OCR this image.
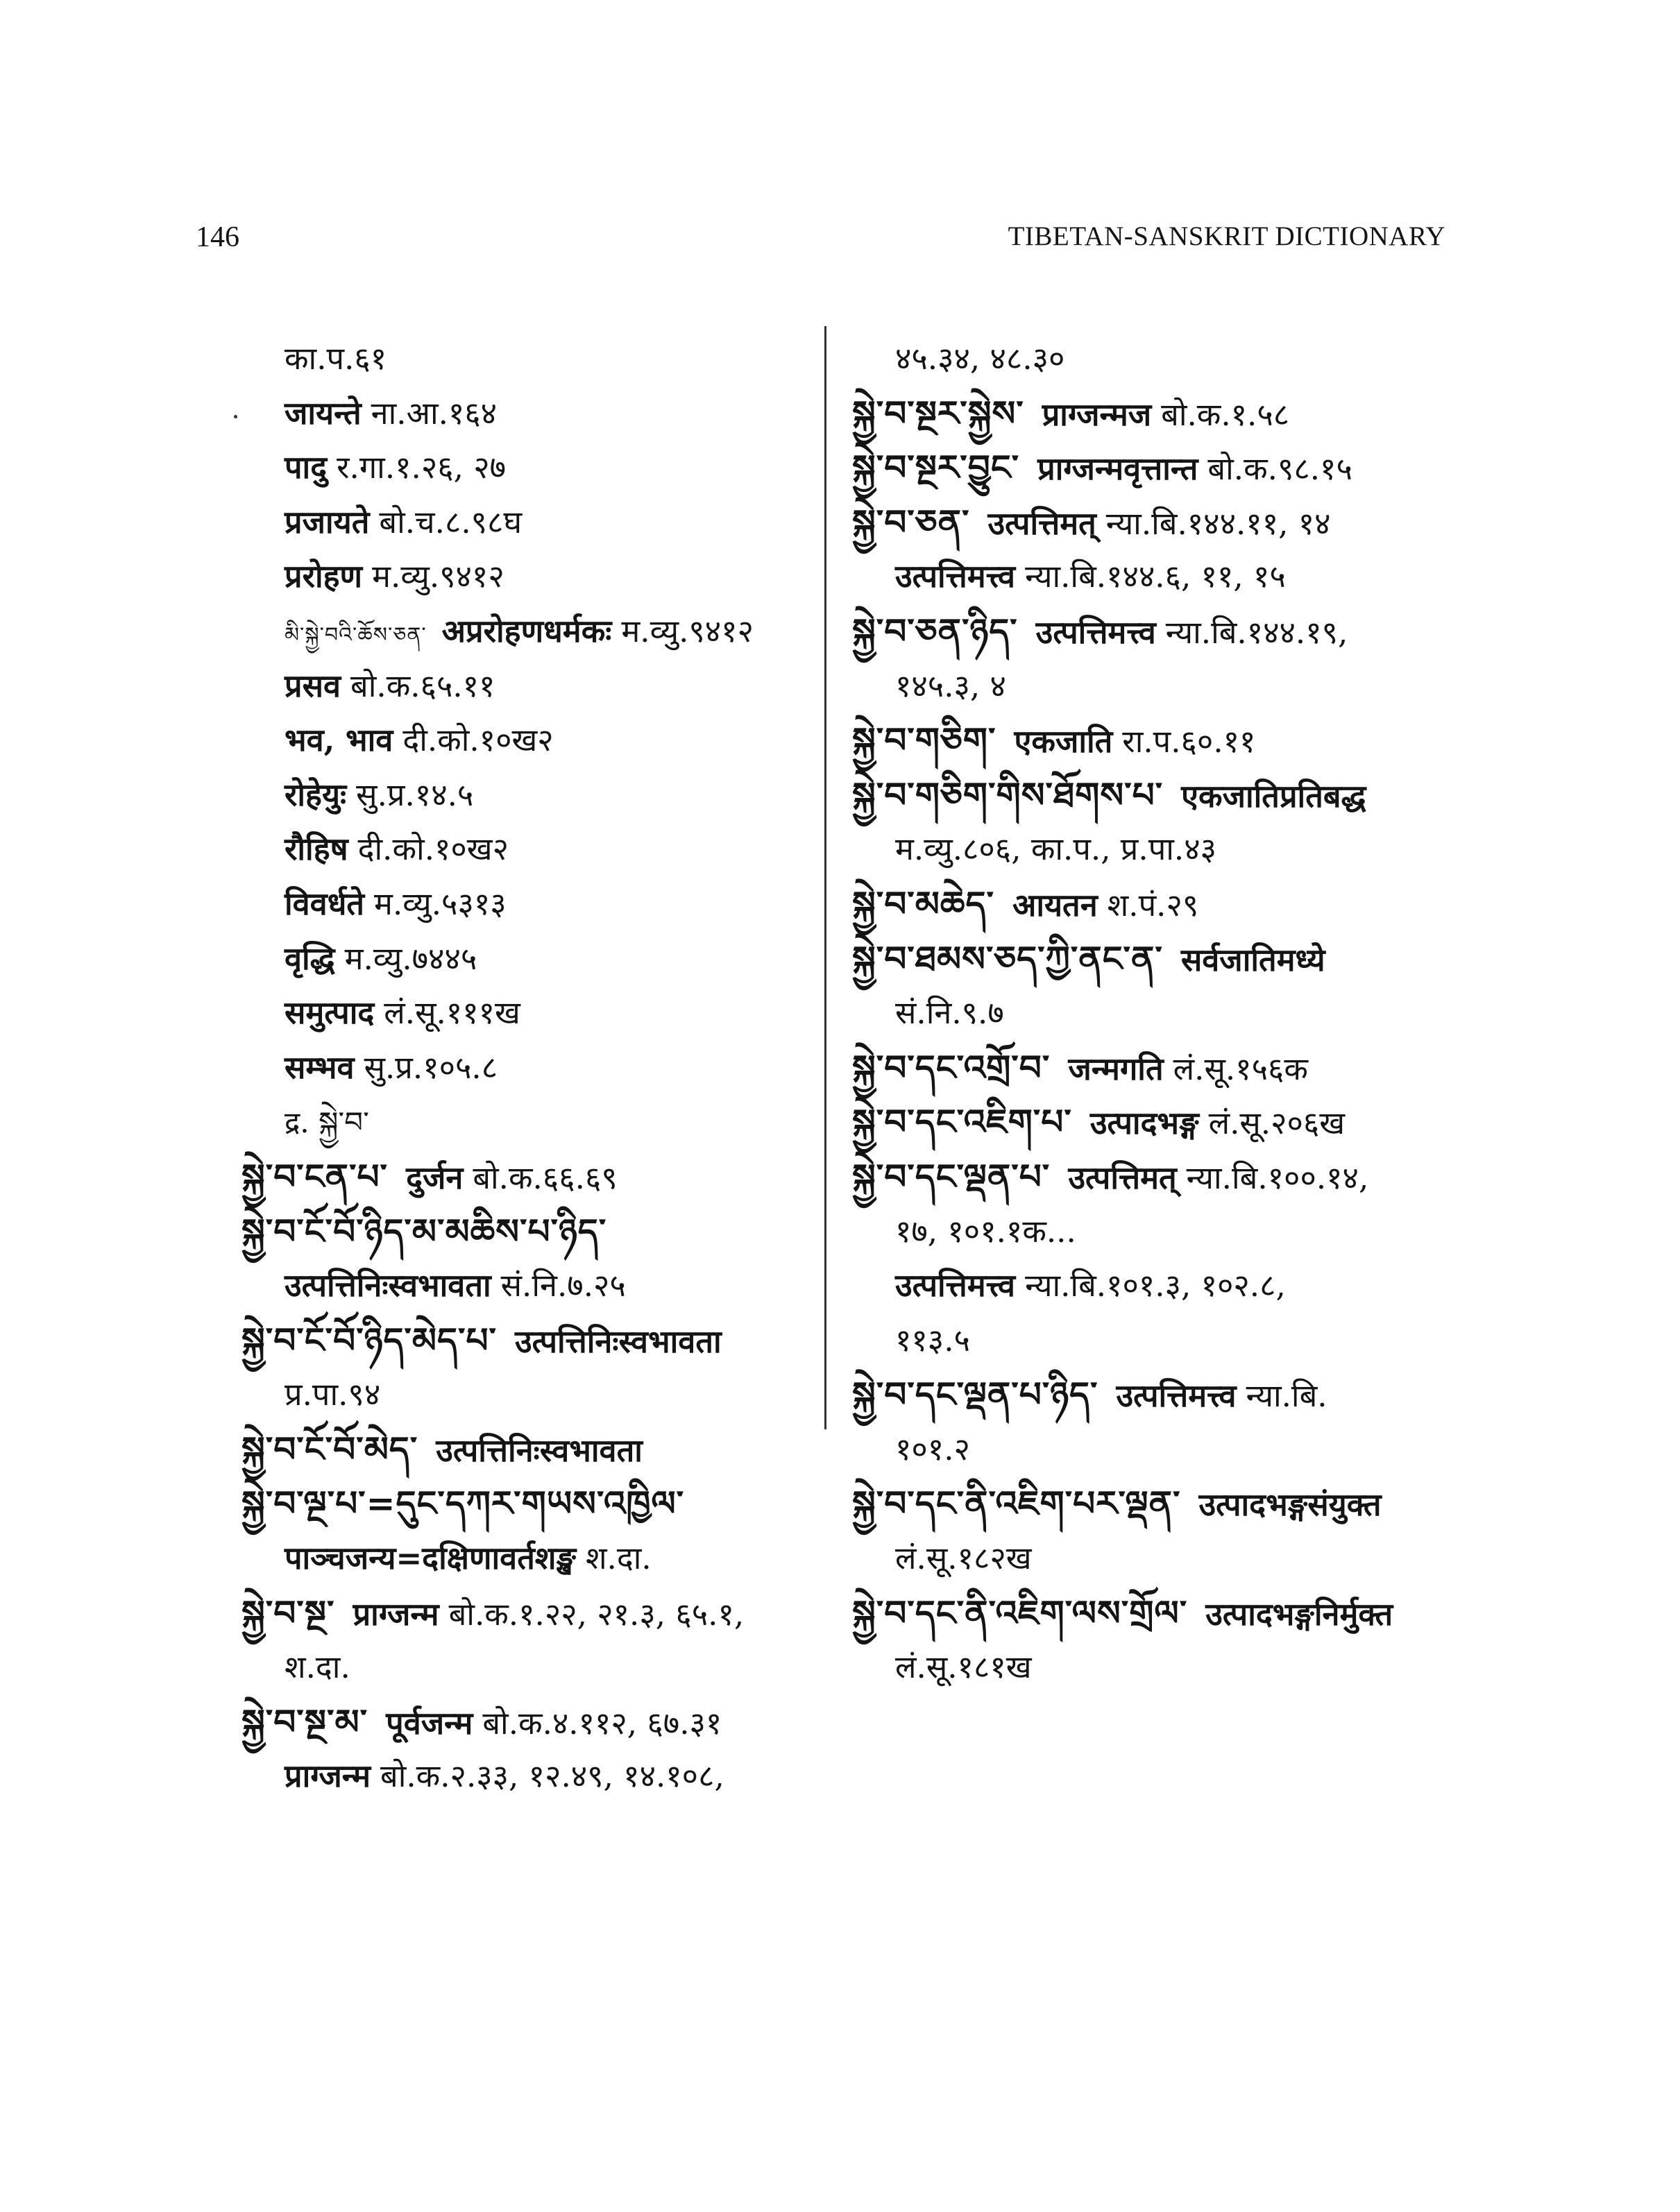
146	TIBETAN-SANSKRIT DICTIONARY
का.प.६१
जायन्ते ना.आ.१६४
पादु र.गा.१.२६, २७
प्रजायते बो.च.८.९८घ
प्ररोहण म.व्यु.९४१२
མི་སྐྱེ་བའི་ཆོས་ཅན་ अप्ररोहणधर्मकः म.व्यु.९४१२
प्रसव बो.क.६५.११
भव, भाव दी.को.१०ख२
रोहेयुः सु.प्र.१४.५
रौहिष दी.को.१०ख२
विवर्धते म.व्यु.५३१३
वृद्धि म.व्यु.७४४५
समुत्पाद लं.सू.१११ख
सम्भव सु.प्र.१०५.८
द्र. སྐྱེ་བ་
སྐྱེ་བ་ངན་པ་ दुर्जन बो.क.६६.६९
སྐྱེ་བ་ངོ་བོ་ཉིད་མ་མཆིས་པ་ཉིད་
उत्पत्तिनिःस्वभावता सं.नि.७.२५
སྐྱེ་བ་ངོ་བོ་ཉིད་མེད་པ་ उत्पत्तिनिःस्वभावता
प्र.पा.९४
སྐྱེ་བ་ངོ་བོ་མེད་ उत्पत्तिनिःस्वभावता
སྐྱེ་བ་ལྔ་པ་=དུང་དཀར་གཡས་འཁྱིལ་
पाञ्चजन्य=दक्षिणावर्तशङ्ख श.दा.
སྐྱེ་བ་སྔ་ प्राग्जन्म बो.क.१.२२, २१.३, ६५.१,
श.दा.
སྐྱེ་བ་སྔ་མ་ पूर्वजन्म बो.क.४.११२, ६७.३१
प्राग्जन्म बो.क.२.३३, १२.४९, १४.१०८,
४५.३४, ४८.३०
སྐྱེ་བ་སྔར་སྐྱེས་ प्राग्जन्मज बो.क.१.५८
སྐྱེ་བ་སྔར་བྱུང་ प्राग्जन्मवृत्तान्त बो.क.९८.१५
སྐྱེ་བ་ཅན་ उत्पत्तिमत् न्या.बि.१४४.११, १४
उत्पत्तिमत्त्व न्या.बि.१४४.६, ११, १५
སྐྱེ་བ་ཅན་ཉིད་ उत्पत्तिमत्त्व न्या.बि.१४४.१९,
१४५.३, ४
སྐྱེ་བ་གཅིག་ एकजाति रा.प.६०.११
སྐྱེ་བ་གཅིག་གིས་ཐོགས་པ་ एकजातिप्रतिबद्ध
म.व्यु.८०६, का.प., प्र.पा.४३
སྐྱེ་བ་མཆེད་ आयतन श.पं.२९
སྐྱེ་བ་ཐམས་ཅད་ཀྱི་ནང་ན་ सर्वजातिमध्ये
सं.नि.९.७
སྐྱེ་བ་དང་འགྲོ་བ་ जन्मगति लं.सू.१५६क
སྐྱེ་བ་དང་འཇིག་པ་ उत्पादभङ्ग लं.सू.२०६ख
སྐྱེ་བ་དང་ལྡན་པ་ उत्पत्तिमत् न्या.बि.१००.१४,
१७, १०१.१क...
उत्पत्तिमत्त्व न्या.बि.१०१.३, १०२.८,
११३.५
སྐྱེ་བ་དང་ལྡན་པ་ཉིད་ उत्पत्तिमत्त्व न्या.बि.
१०१.२
སྐྱེ་བ་དང་ནི་འཇིག་པར་ལྡན་ उत्पादभङ्गसंयुक्त
लं.सू.१८२ख
སྐྱེ་བ་དང་ནི་འཇིག་ལས་གྲོལ་ उत्पादभङ्गनिर्मुक्त
लं.सू.१८१ख
